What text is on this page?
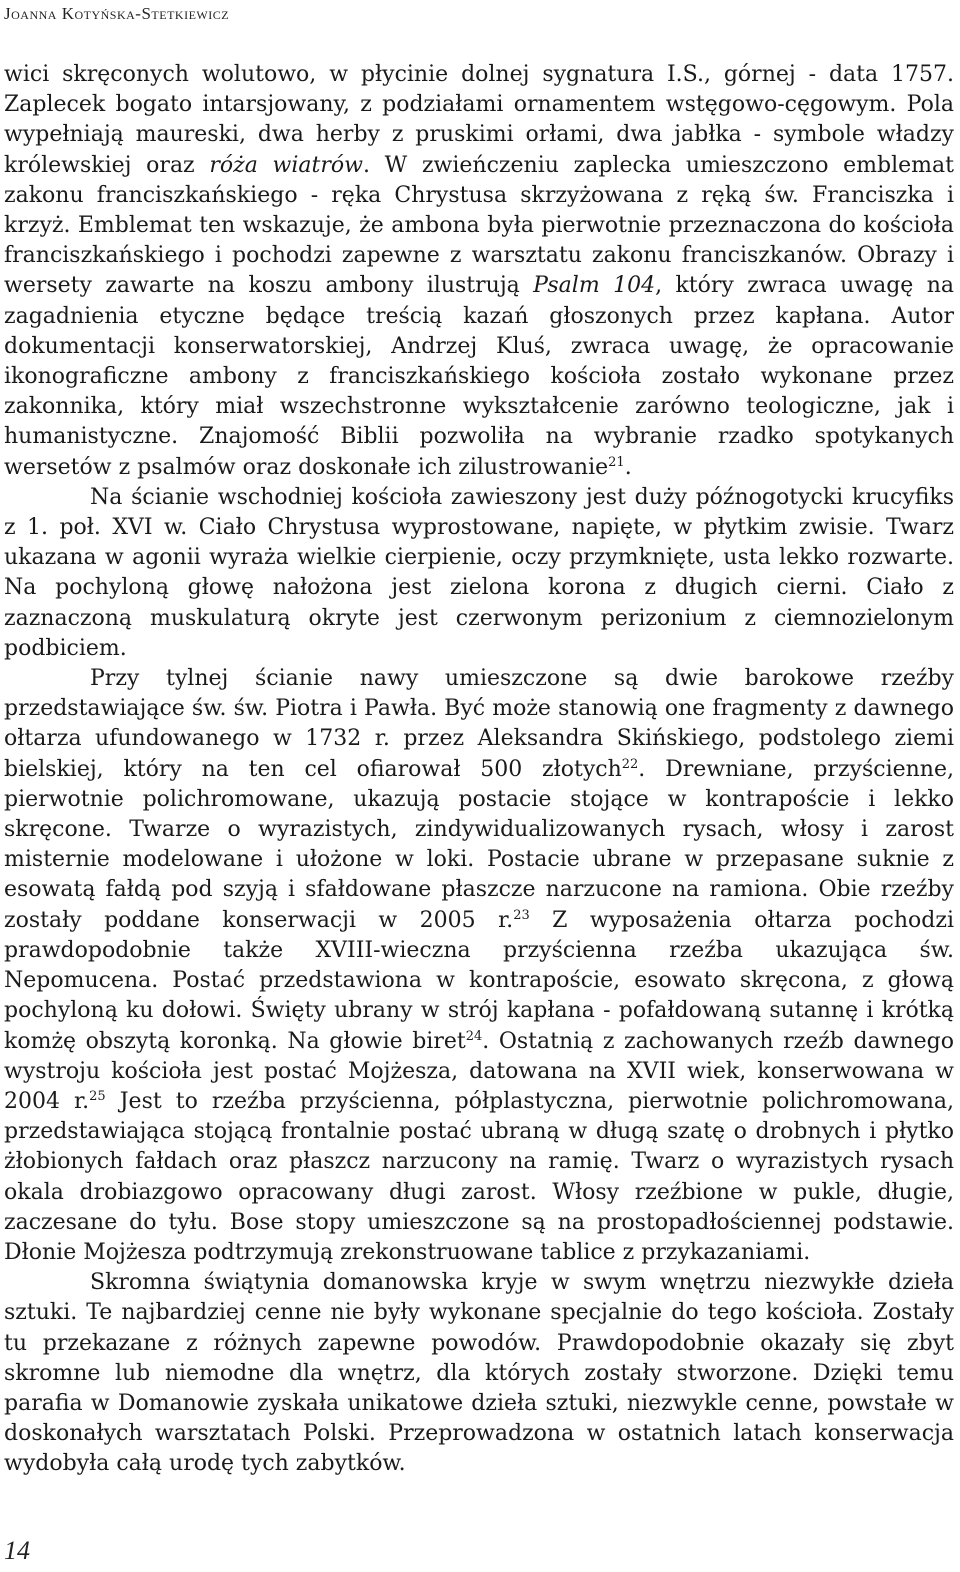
Joanna Kotyńska-Stetkiewicz

wici skręconych wolutowo, w płycinie dolnej sygnatura I.S., górnej - data 1757. Zaplecek bogato intarsjowany, z podziałami ornamentem wstęgowo-cęgowym. Pola wypełniają maureski, dwa herby z pruskimi orłami, dwa jabłka - symbole władzy królewskiej oraz róża wiatrów. W zwieńczeniu zaplecka umieszczono emblemat zakonu franciszkańskiego - ręka Chrystusa skrzyżowana z ręką św. Franciszka i krzyż. Emblemat ten wskazuje, że ambona była pierwotnie przeznaczona do kościoła franciszkańskiego i pochodzi zapewne z warsztatu zakonu franciszkanów. Obrazy i wersety zawarte na koszu ambony ilustrują Psalm 104, który zwraca uwagę na zagadnienia etyczne będące treścią kazań głoszonych przez kapłana. Autor dokumentacji konserwatorskiej, Andrzej Kluś, zwraca uwagę, że opracowanie ikonograficzne ambony z franciszkańskiego kościoła zostało wykonane przez zakonnika, który miał wszechstronne wykształcenie zarówno teologiczne, jak i humanistyczne. Znajomość Biblii pozwoliła na wybranie rzadko spotykanych wersetów z psalmów oraz doskonałe ich zilustrowanie$^{21}$.

Na ścianie wschodniej kościoła zawieszony jest duży późnogotycki krucyfiks z 1. poł. XVI w. Ciało Chrystusa wyprostowane, napięte, w płytkim zwisie. Twarz ukazana w agonii wyraża wielkie cierpienie, oczy przymknięte, usta lekko rozwarte. Na pochyloną głowę nałożona jest zielona korona z długich cierni. Ciało z zaznaczoną muskulaturą okryte jest czerwonym perizonium z ciemnozielonym podbiciem.

Przy tylnej ścianie nawy umieszczone są dwie barokowe rzeźby przedstawiające św. św. Piotra i Pawła. Być może stanowią one fragmenty z dawnego ołtarza ufundowanego w 1732 r. przez Aleksandra Skińskiego, podstolego ziemi bielskiej, który na ten cel ofiarował 500 złotych$^{22}$. Drewniane, przyścienne, pierwotnie polichromowane, ukazują postacie stojące w kontrapoście i lekko skręcone. Twarze o wyrazistych, zindywidualizowanych rysach, włosy i zarost misternie modelowane i ułożone w loki. Postacie ubrane w przepasane suknie z esowatą fałdą pod szyją i sfałdowane płaszcze narzucone na ramiona. Obie rzeźby zostały poddane konserwacji w 2005 r.$^{23}$ Z wyposażenia ołtarza pochodzi prawdopodobnie także XVIII-wieczna przyścienna rzeźba ukazująca św. Nepomucena. Postać przedstawiona w kontrapoście, esowato skręcona, z głową pochyloną ku dołowi. Święty ubrany w strój kapłana - pofałdowaną sutannę i krótką komżę obszytą koronką. Na głowie biret$^{24}$. Ostatnią z zachowanych rzeźb dawnego wystroju kościoła jest postać Mojżesza, datowana na XVII wiek, konserwowana w 2004 r.$^{25}$ Jest to rzeźba przyścienna, półplastyczna, pierwotnie polichromowana, przedstawiająca stojącą frontalnie postać ubraną w długą szatę o drobnych i płytko żłobionych fałdach oraz płaszcz narzucony na ramię. Twarz o wyrazistych rysach okala drobiazgowo opracowany długi zarost. Włosy rzeźbione w pukle, długie, zaczesane do tyłu. Bose stopy umieszczone są na prostopadłościennej podstawie. Dłonie Mojżesza podtrzymują zrekonstruowane tablice z przykazaniami.

Skromna świątynia domanowska kryje w swym wnętrzu niezwykłe dzieła sztuki. Te najbardziej cenne nie były wykonane specjalnie do tego kościoła. Zostały tu przekazane z różnych zapewne powodów. Prawdopodobnie okazały się zbyt skromne lub niemodne dla wnętrz, dla których zostały stworzone. Dzięki temu parafia w Domanowie zyskała unikatowe dzieła sztuki, niezwykle cenne, powstałe w doskonałych warsztatach Polski. Przeprowadzona w ostatnich latach konserwacja wydobyła całą urodę tych zabytków.

14
